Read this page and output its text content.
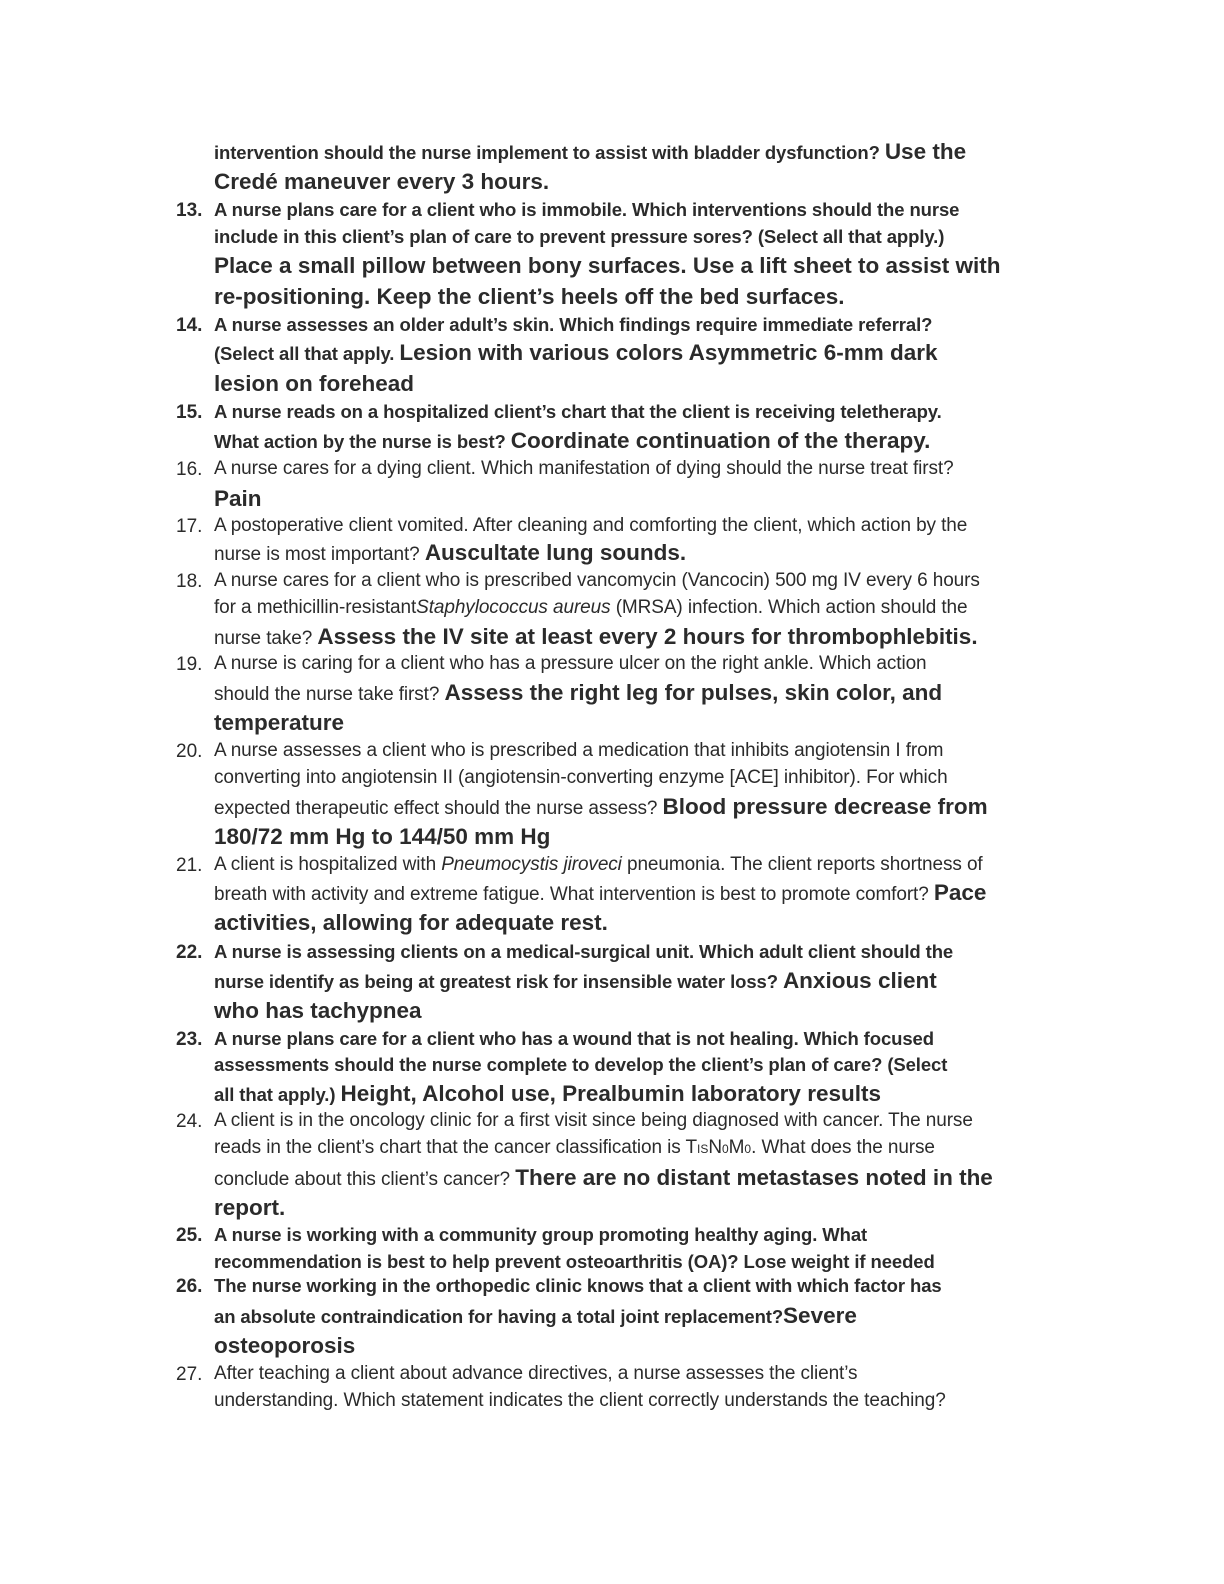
intervention should the nurse implement to assist with bladder dysfunction? Use the
Credé maneuver every 3 hours.
13. A nurse plans care for a client who is immobile. Which interventions should the nurse
include in this client’s plan of care to prevent pressure sores? (Select all that apply.)
Place a small pillow between bony surfaces. Use a lift sheet to assist with
re-positioning. Keep the client’s heels off the bed surfaces.
14. A nurse assesses an older adult’s skin. Which findings require immediate referral?
(Select all that apply. Lesion with various colors Asymmetric 6-mm dark
lesion on forehead
15. A nurse reads on a hospitalized client’s chart that the client is receiving teletherapy.
What action by the nurse is best? Coordinate continuation of the therapy.
16. A nurse cares for a dying client. Which manifestation of dying should the nurse treat first?
Pain
17. A postoperative client vomited. After cleaning and comforting the client, which action by the
nurse is most important? Auscultate lung sounds.
18. A nurse cares for a client who is prescribed vancomycin (Vancocin) 500 mg IV every 6 hours
for a methicillin-resistantStaphylococcus aureus (MRSA) infection. Which action should the
nurse take? Assess the IV site at least every 2 hours for thrombophlebitis.
19. A nurse is caring for a client who has a pressure ulcer on the right ankle. Which action
should the nurse take first? Assess the right leg for pulses, skin color, and
temperature
20. A nurse assesses a client who is prescribed a medication that inhibits angiotensin I from
converting into angiotensin II (angiotensin-converting enzyme [ACE] inhibitor). For which
expected therapeutic effect should the nurse assess? Blood pressure decrease from
180/72 mm Hg to 144/50 mm Hg
21. A client is hospitalized with Pneumocystis jiroveci pneumonia. The client reports shortness of
breath with activity and extreme fatigue. What intervention is best to promote comfort? Pace
activities, allowing for adequate rest.
22. A nurse is assessing clients on a medical-surgical unit. Which adult client should the
nurse identify as being at greatest risk for insensible water loss? Anxious client
who has tachypnea
23. A nurse plans care for a client who has a wound that is not healing. Which focused
assessments should the nurse complete to develop the client’s plan of care? (Select
all that apply.) Height, Alcohol use, Prealbumin laboratory results
24. A client is in the oncology clinic for a first visit since being diagnosed with cancer. The nurse
reads in the client’s chart that the cancer classification is TISN0M0. What does the nurse
conclude about this client’s cancer? There are no distant metastases noted in the
report.
25. A nurse is working with a community group promoting healthy aging. What
recommendation is best to help prevent osteoarthritis (OA)? Lose weight if needed
26. The nurse working in the orthopedic clinic knows that a client with which factor has
an absolute contraindication for having a total joint replacement?Severe
osteoporosis
27. After teaching a client about advance directives, a nurse assesses the client’s
understanding. Which statement indicates the client correctly understands the teaching?
